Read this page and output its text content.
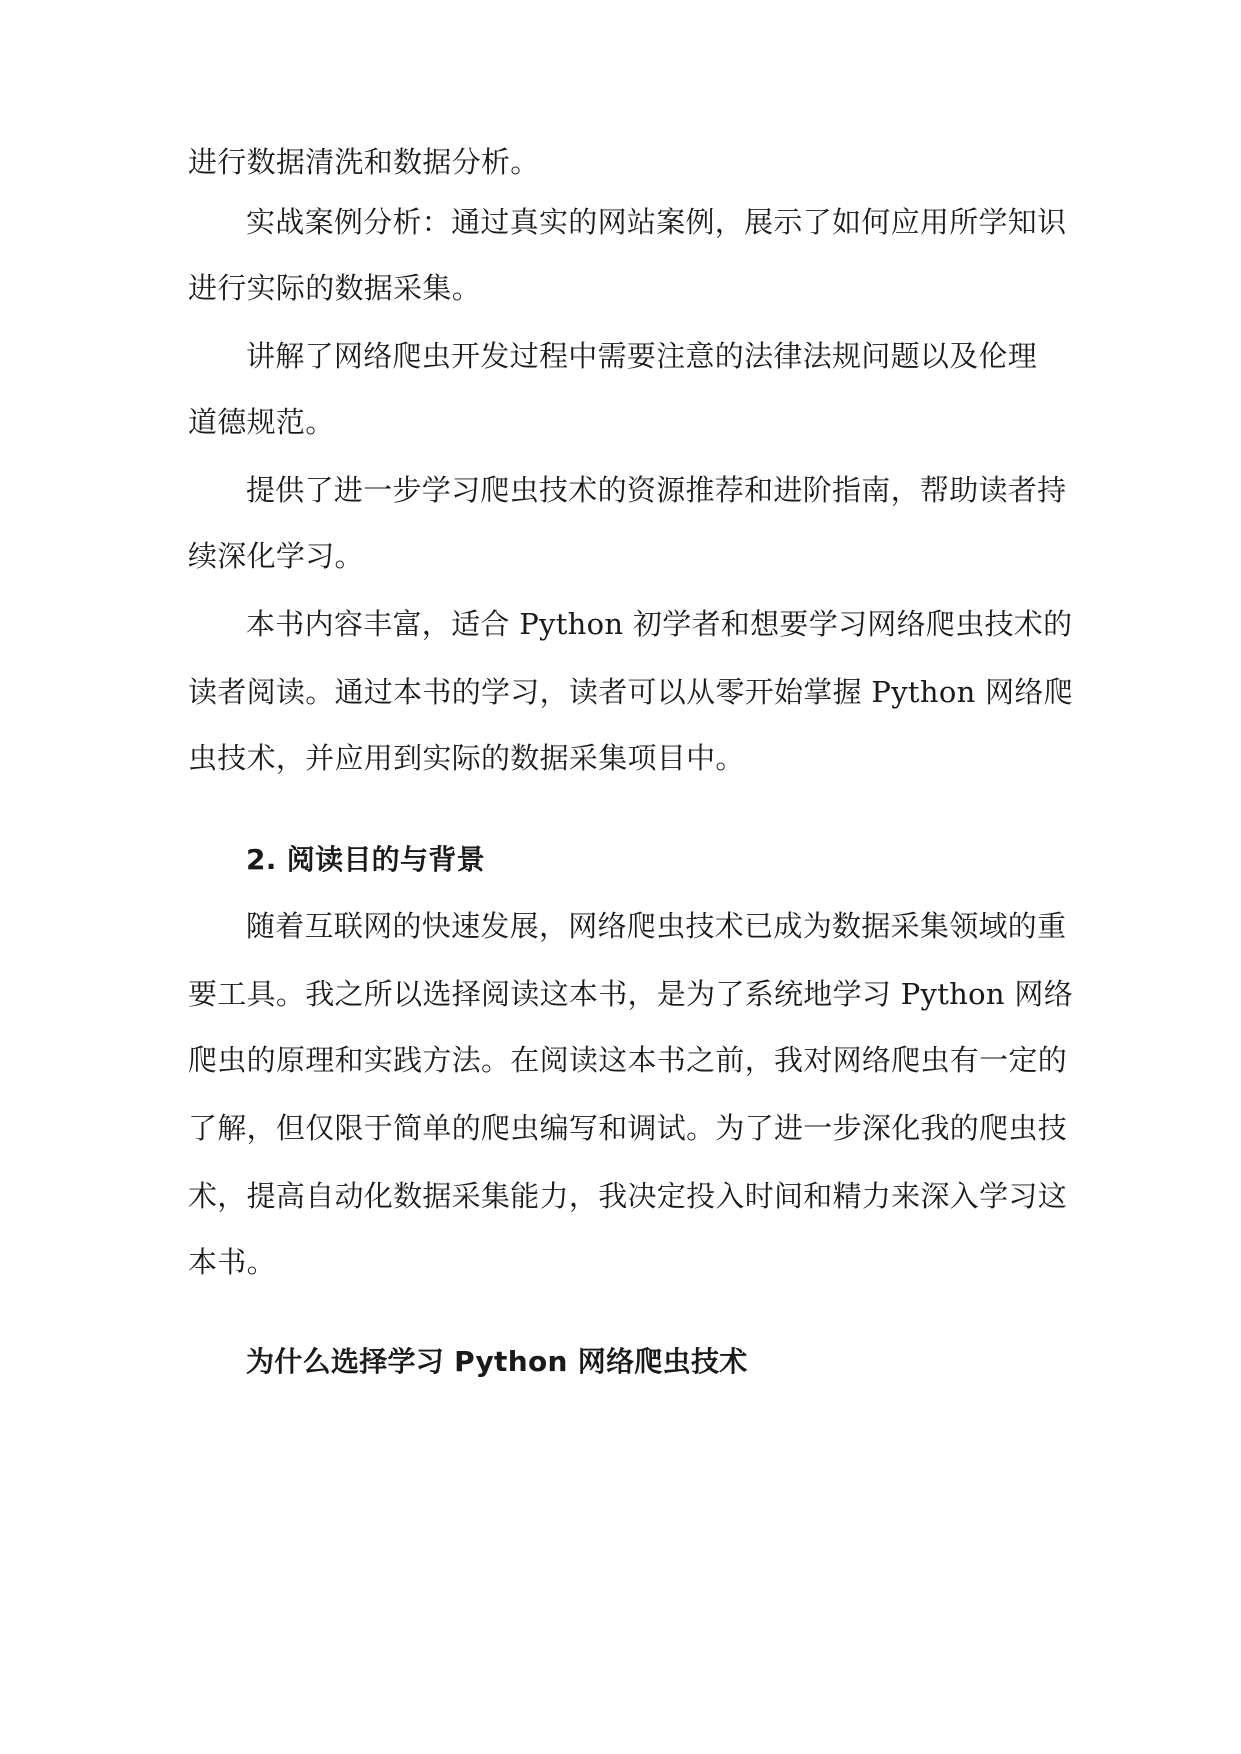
进行数据清洗和数据分析。
实战案例分析：通过真实的网站案例，展示了如何应用所学知识
进行实际的数据采集。
讲解了网络爬虫开发过程中需要注意的法律法规问题以及伦理
道德规范。
提供了进一步学习爬虫技术的资源推荐和进阶指南，帮助读者持
续深化学习。
本书内容丰富，适合 Python 初学者和想要学习网络爬虫技术的
读者阅读。通过本书的学习，读者可以从零开始掌握 Python 网络爬
虫技术，并应用到实际的数据采集项目中。
2. 阅读目的与背景
随着互联网的快速发展，网络爬虫技术已成为数据采集领域的重
要工具。我之所以选择阅读这本书，是为了系统地学习 Python 网络
爬虫的原理和实践方法。在阅读这本书之前，我对网络爬虫有一定的
了解，但仅限于简单的爬虫编写和调试。为了进一步深化我的爬虫技
术，提高自动化数据采集能力，我决定投入时间和精力来深入学习这
本书。
为什么选择学习 Python 网络爬虫技术
